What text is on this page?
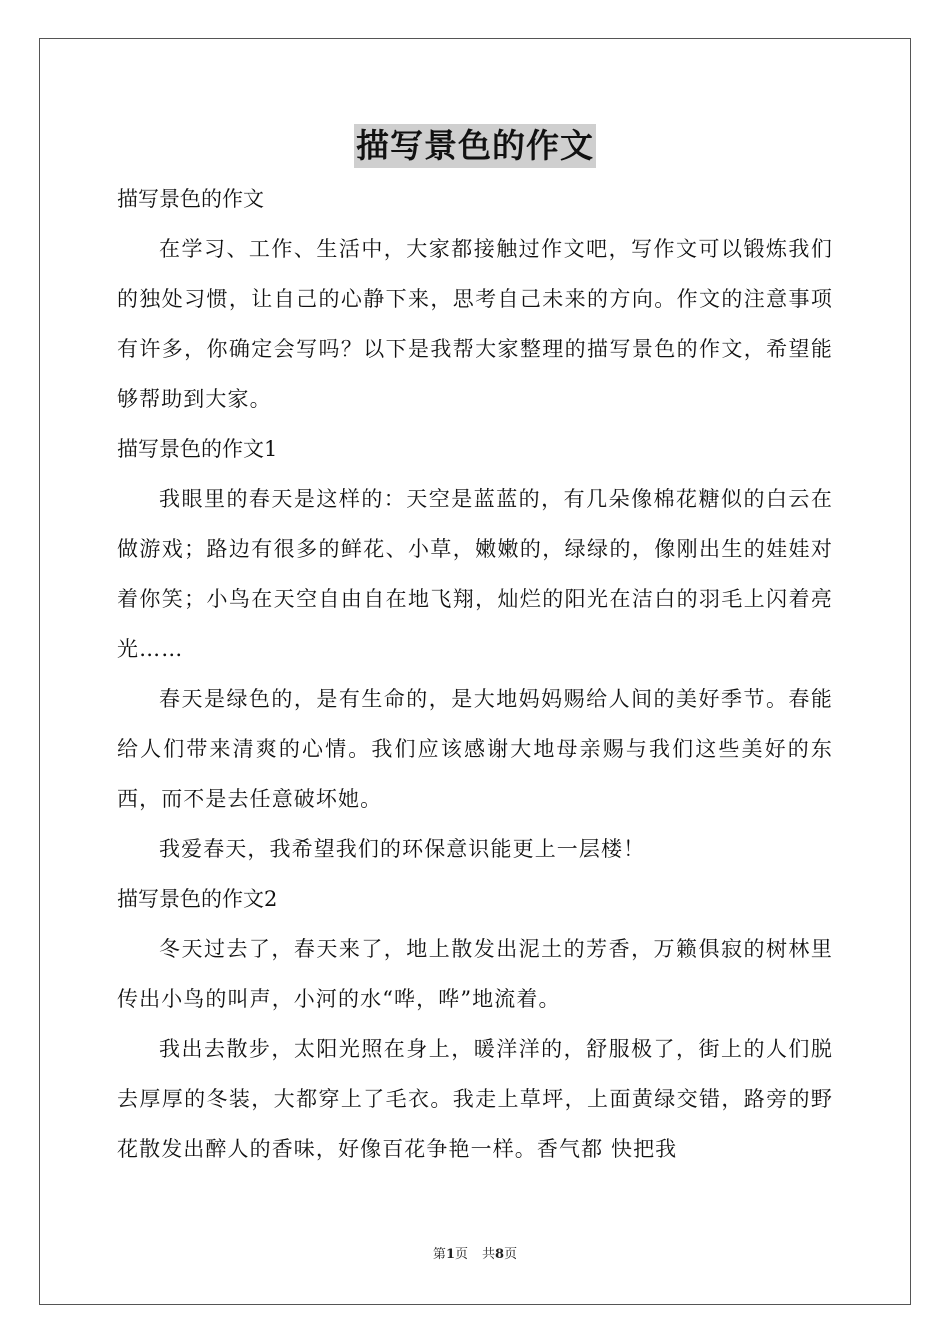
描写景色的作文
描写景色的作文

在学习、工作、生活中，大家都接触过作文吧，写作文可以锻炼我们的独处习惯，让自己的心静下来，思考自己未来的方向。作文的注意事项有许多，你确定会写吗？以下是我帮大家整理的描写景色的作文，希望能够帮助到大家。

描写景色的作文1

我眼里的春天是这样的：天空是蓝蓝的，有几朵像棉花糖似的白云在做游戏；路边有很多的鲜花、小草，嫩嫩的，绿绿的，像刚出生的娃娃对着你笑；小鸟在天空自由自在地飞翔，灿烂的阳光在洁白的羽毛上闪着亮光……

春天是绿色的，是有生命的，是大地妈妈赐给人间的美好季节。春能给人们带来清爽的心情。我们应该感谢大地母亲赐与我们这些美好的东西，而不是去任意破坏她。

我爱春天，我希望我们的环保意识能更上一层楼！

描写景色的作文2

冬天过去了，春天来了，地上散发出泥土的芳香，万籁俱寂的树林里传出小鸟的叫声，小河的水“哗，哗”地流着。

我出去散步，太阳光照在身上，暖洋洋的，舒服极了，街上的人们脱去厚厚的冬装，大都穿上了毛衣。我走上草坪，上面黄绿交错，路旁的野花散发出醉人的香味，好像百花争艳一样。香气都 快把我

第1页 共8页
